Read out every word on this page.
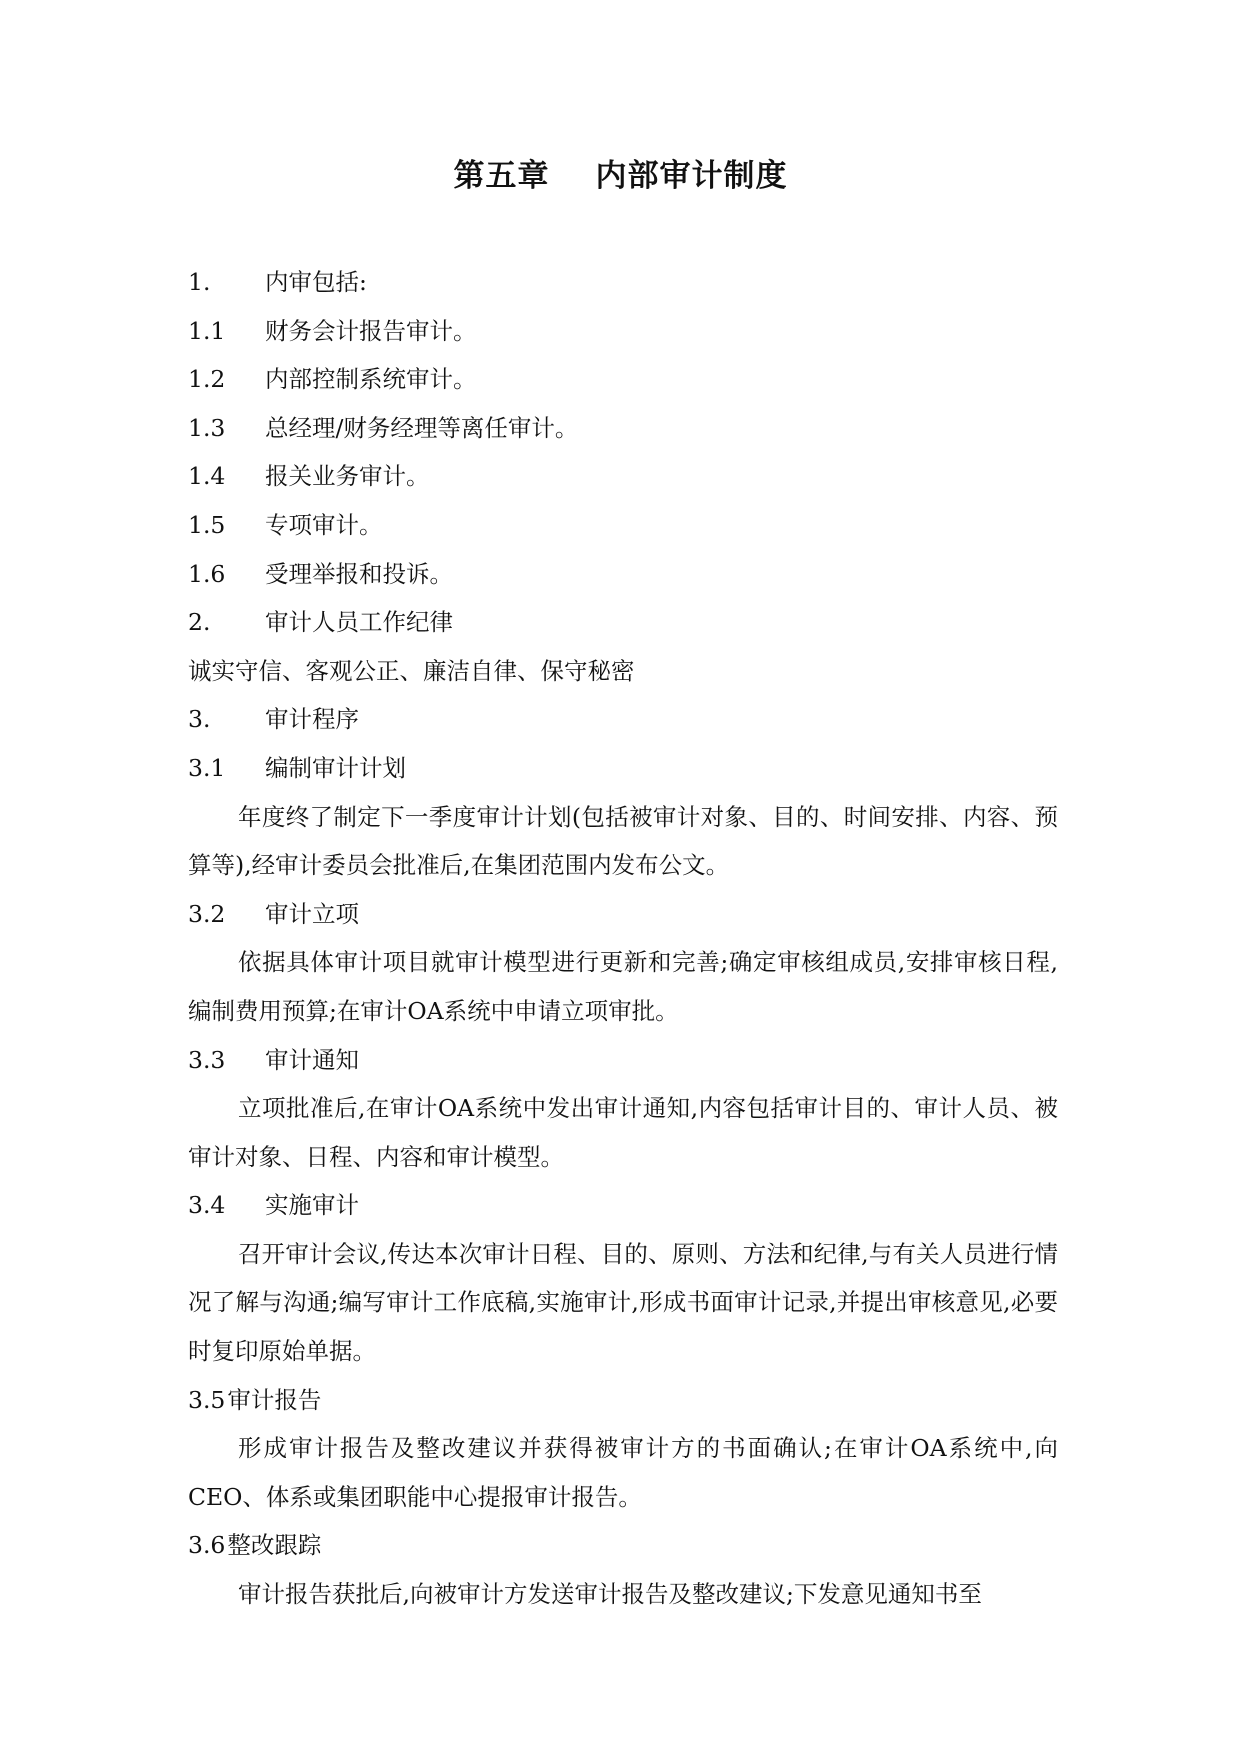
第五章 内部审计制度

1. 内审包括:

1.1 财务会计报告审计。

1.2 内部控制系统审计。

1.3 总经理/财务经理等离任审计。

1.4 报关业务审计。

1.5 专项审计。

1.6 受理举报和投诉。

2. 审计人员工作纪律

诚实守信、客观公正、廉洁自律、保守秘密

3. 审计程序

3.1 编制审计计划

年度终了制定下一季度审计计划(包括被审计对象、目的、时间安排、内容、预算等),经审计委员会批准后,在集团范围内发布公文。

3.2 审计立项

依据具体审计项目就审计模型进行更新和完善;确定审核组成员,安排审核日程,编制费用预算;在审计OA系统中申请立项审批。

3.3 审计通知

立项批准后,在审计OA系统中发出审计通知,内容包括审计目的、审计人员、被审计对象、日程、内容和审计模型。

3.4 实施审计

召开审计会议,传达本次审计日程、目的、原则、方法和纪律,与有关人员进行情况了解与沟通;编写审计工作底稿,实施审计,形成书面审计记录,并提出审核意见,必要时复印原始单据。

3.5审计报告

形成审计报告及整改建议并获得被审计方的书面确认;在审计OA系统中,向CEO、体系或集团职能中心提报审计报告。

3.6整改跟踪

审计报告获批后,向被审计方发送审计报告及整改建议;下发意见通知书至
